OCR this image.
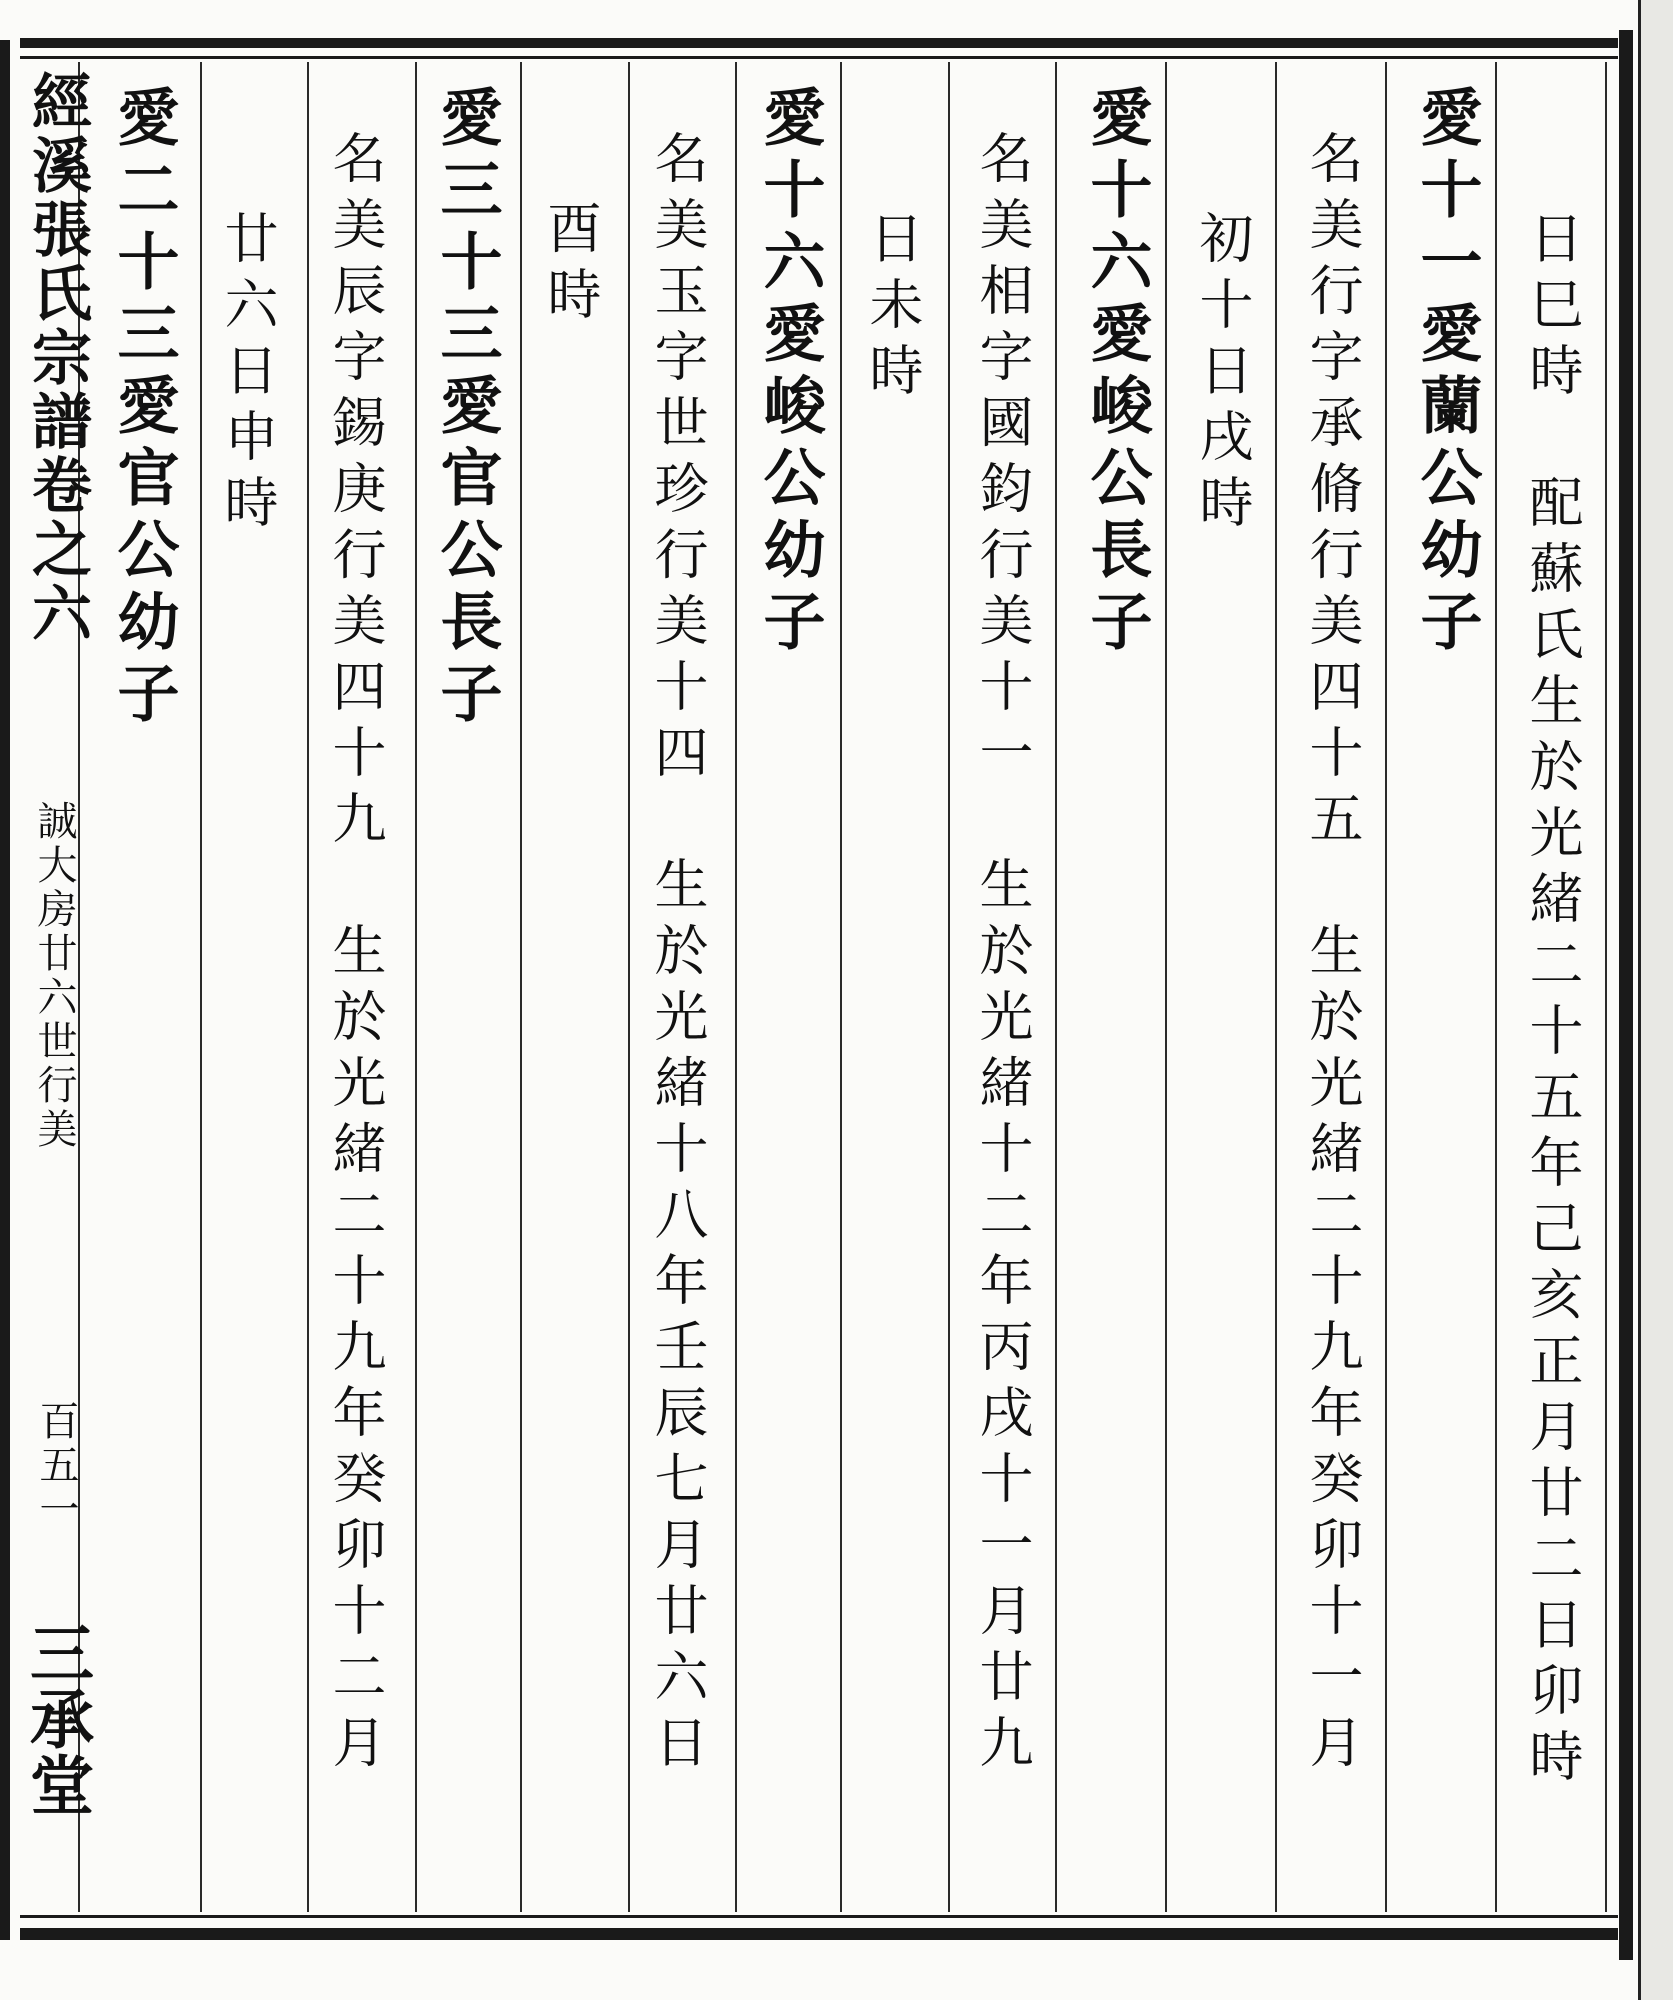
經溪張氏宗譜卷之六
誠大房廿六世行美
百五一
三承堂	日巳時　配蘇氏生於光緒二十五年己亥正月廿二日卯時
愛十一愛蘭公幼子
名美行字承脩行美四十五　生於光緒二十九年癸卯十一月
初十日戌時
愛十六愛峻公長子
名美相字國鈞行美十一　生於光緒十二年丙戌十一月廿九
日未時
愛十六愛峻公幼子
名美玉字世珍行美十四　生於光緒十八年壬辰七月廿六日
酉時
愛三十三愛官公長子
名美辰字錫庚行美四十九　生於光緒二十九年癸卯十二月
廿六日申時
愛二十三愛官公幼子
